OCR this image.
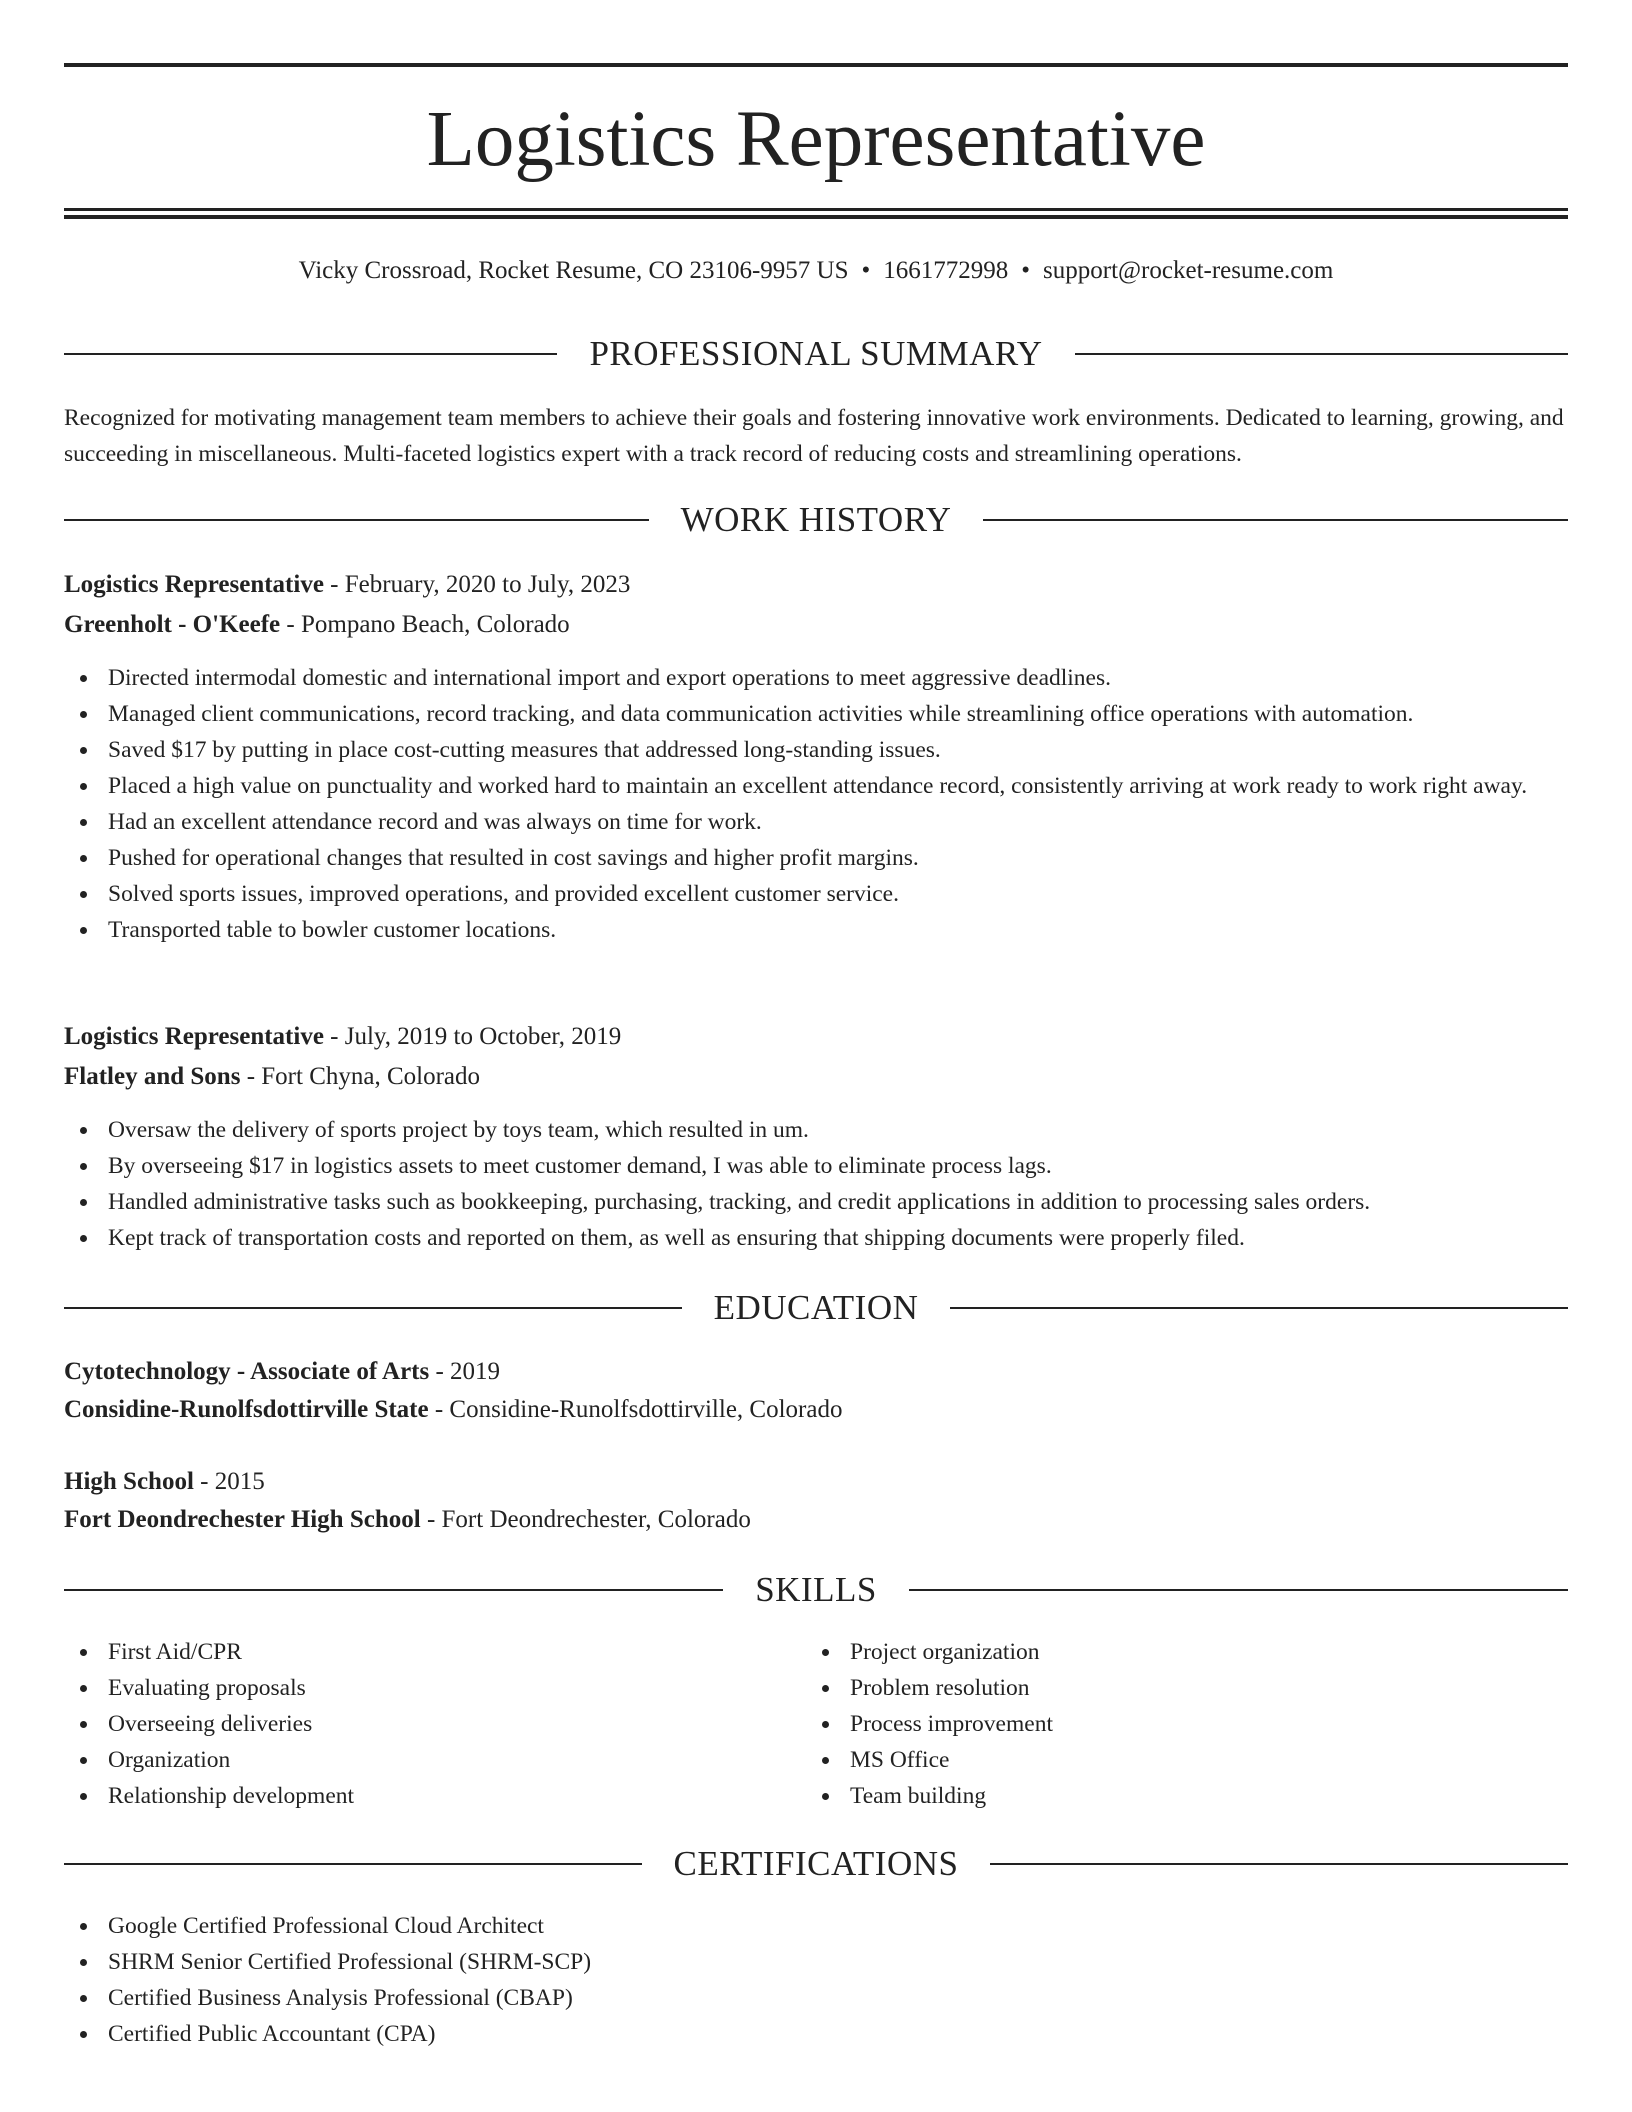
Logistics Representative
Vicky Crossroad, Rocket Resume, CO 23106-9957 US • 1661772998 • support@rocket-resume.com
PROFESSIONAL SUMMARY

Recognized for motivating management team members to achieve their goals and fostering innovative work environments. Dedicated to learning, growing, and succeeding in miscellaneous. Multi-faceted logistics expert with a track record of reducing costs and streamlining operations.

WORK HISTORY
Logistics Representative - February, 2020 to July, 2023
Greenholt - O'Keefe - Pompano Beach, Colorado
Directed intermodal domestic and international import and export operations to meet aggressive deadlines.
Managed client communications, record tracking, and data communication activities while streamlining office operations with automation.
Saved $17 by putting in place cost-cutting measures that addressed long-standing issues.
Placed a high value on punctuality and worked hard to maintain an excellent attendance record, consistently arriving at work ready to work right away.
Had an excellent attendance record and was always on time for work.
Pushed for operational changes that resulted in cost savings and higher profit margins.
Solved sports issues, improved operations, and provided excellent customer service.
Transported table to bowler customer locations.
Logistics Representative - July, 2019 to October, 2019
Flatley and Sons - Fort Chyna, Colorado
Oversaw the delivery of sports project by toys team, which resulted in um.
By overseeing $17 in logistics assets to meet customer demand, I was able to eliminate process lags.
Handled administrative tasks such as bookkeeping, purchasing, tracking, and credit applications in addition to processing sales orders.
Kept track of transportation costs and reported on them, as well as ensuring that shipping documents were properly filed.
EDUCATION
Cytotechnology - Associate of Arts - 2019
Considine-Runolfsdottirville State - Considine-Runolfsdottirville, Colorado
High School - 2015
Fort Deondrechester High School - Fort Deondrechester, Colorado
SKILLS
First Aid/CPR
Evaluating proposals
Overseeing deliveries
Organization
Relationship development
Project organization
Problem resolution
Process improvement
MS Office
Team building
CERTIFICATIONS
Google Certified Professional Cloud Architect
SHRM Senior Certified Professional (SHRM-SCP)
Certified Business Analysis Professional (CBAP)
Certified Public Accountant (CPA)
